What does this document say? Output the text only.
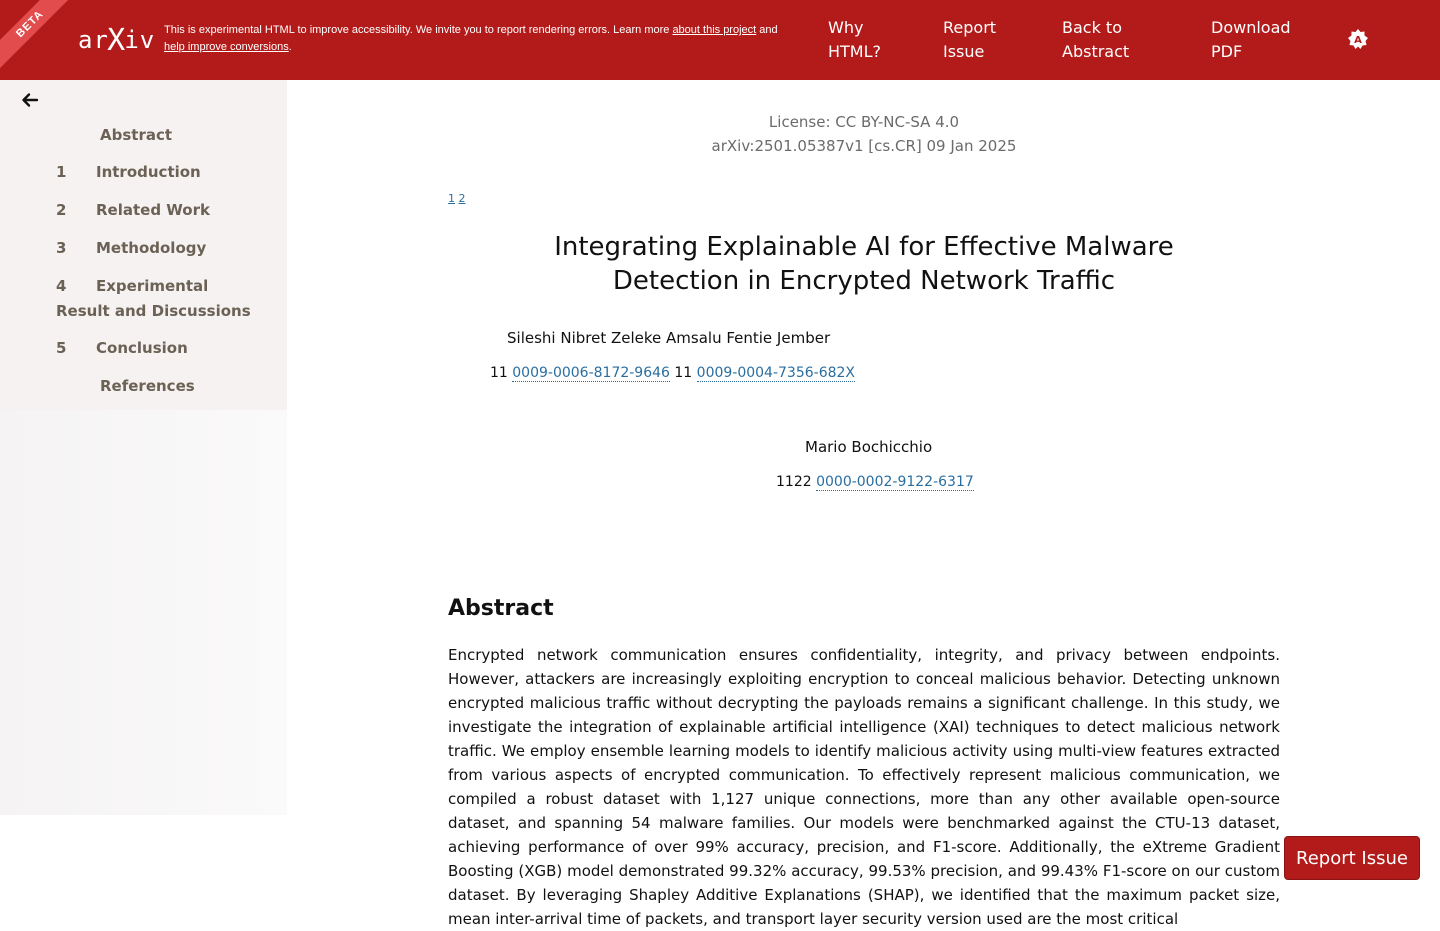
BETA
arXiv This is experimental HTML to improve accessibility. We invite you to report rendering errors. Learn more about this project and
help improve conversions.
Why HTML?
Report Issue
Back to Abstract
Download PDF
A
Abstract
1 Introduction
2 Related Work
3 Methodology
4 Experimental Result and Discussions
5 Conclusion
References
License: CC BY-NC-SA 4.0
arXiv:2501.05387v1 [cs.CR] 09 Jan 2025
1 2
Integrating Explainable AI for Effective Malware
Detection in Encrypted Network Traffic
Sileshi Nibret Zeleke Amsalu Fentie Jember
11 0009-0006-8172-9646 11 0009-0004-7356-682X
Mario Bochicchio
1122 0000-0002-9122-6317
Abstract
Encrypted network communication ensures confidentiality, integrity, and privacy between endpoints. However, attackers are increasingly exploiting encryption to conceal malicious behavior. Detecting unknown encrypted malicious traffic without decrypting the payloads remains a significant challenge. In this study, we investigate the integration of explainable artificial intelligence (XAI) techniques to detect malicious network traffic. We employ ensemble learning models to identify malicious activity using multi-view features extracted from various aspects of encrypted communication. To effectively represent malicious communication, we compiled a robust dataset with 1,127 unique connections, more than any other available open-source dataset, and spanning 54 malware families. Our models were benchmarked against the CTU-13 dataset, achieving performance of over 99% accuracy, precision, and F1-score. Additionally, the eXtreme Gradient Boosting (XGB) model demonstrated 99.32% accuracy, 99.53% precision, and 99.43% F1-score on our custom dataset. By leveraging Shapley Additive Explanations (SHAP), we identified that the maximum packet size, mean inter-arrival time of packets, and transport layer security version used are the most critical
Report Issue
